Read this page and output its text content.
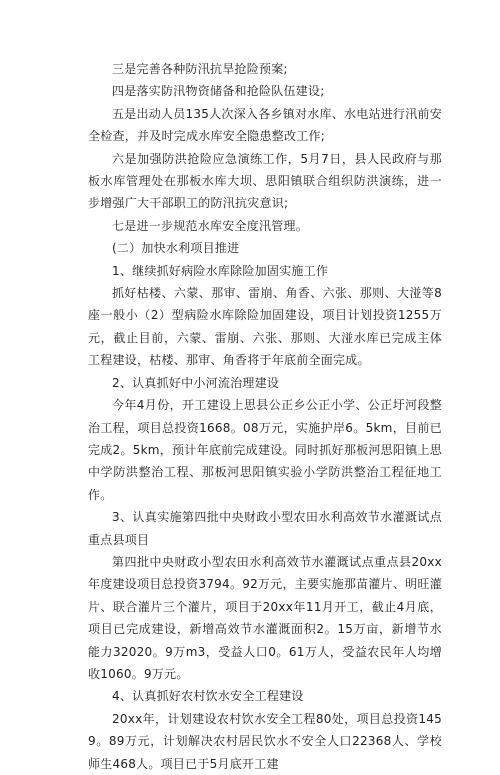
三是完善各种防汛抗旱抢险预案;

四是落实防汛物资储备和抢险队伍建设;

五是出动人员135人次深入各乡镇对水库、水电站进行汛前安全检查，并及时完成水库安全隐患整改工作;

六是加强防洪抢险应急演练工作，5月7日，县人民政府与那板水库管理处在那板水库大坝、思阳镇联合组织防洪演练，进一步增强广大干部职工的防汛抗灾意识;

七是进一步规范水库安全度汛管理。

(二）加快水利项目推进

1、继续抓好病险水库除险加固实施工作

抓好枯楼、六蒙、那审、雷崩、角香、六张、那则、大湴等8座一般小（2）型病险水库除险加固建设，项目计划投资1255万元，截止目前，六蒙、雷崩、六张、那则、大湴水库已完成主体工程建设，枯楼、那审、角香将于年底前全面完成。

2、认真抓好中小河流治理建设

今年4月份，开工建设上思县公正乡公正小学、公正圩河段整治工程，项目总投资1668。08万元，实施护岸6。5km，目前已完成2。5km，预计年底前完成建设。同时抓好那板河思阳镇上思中学防洪整治工程、那板河思阳镇实验小学防洪整治工程征地工作。

3、认真实施第四批中央财政小型农田水利高效节水灌溉试点重点县项目

第四批中央财政小型农田水利高效节水灌溉试点重点县20xx年度建设项目总投资3794。92万元，主要实施那苗灌片、明旺灌片、联合灌片三个灌片，项目于20xx年11月开工，截止4月底，项目已完成建设，新增高效节水灌溉面积2。15万亩，新增节水能力32020。9万m3，受益人口0。61万人，受益农民年人均增收1060。9万元。

4、认真抓好农村饮水安全工程建设

20xx年，计划建设农村饮水安全工程80处，项目总投资1459。89万元，计划解决农村居民饮水不安全人口22368人、学校师生468人。项目已于5月底开工建
